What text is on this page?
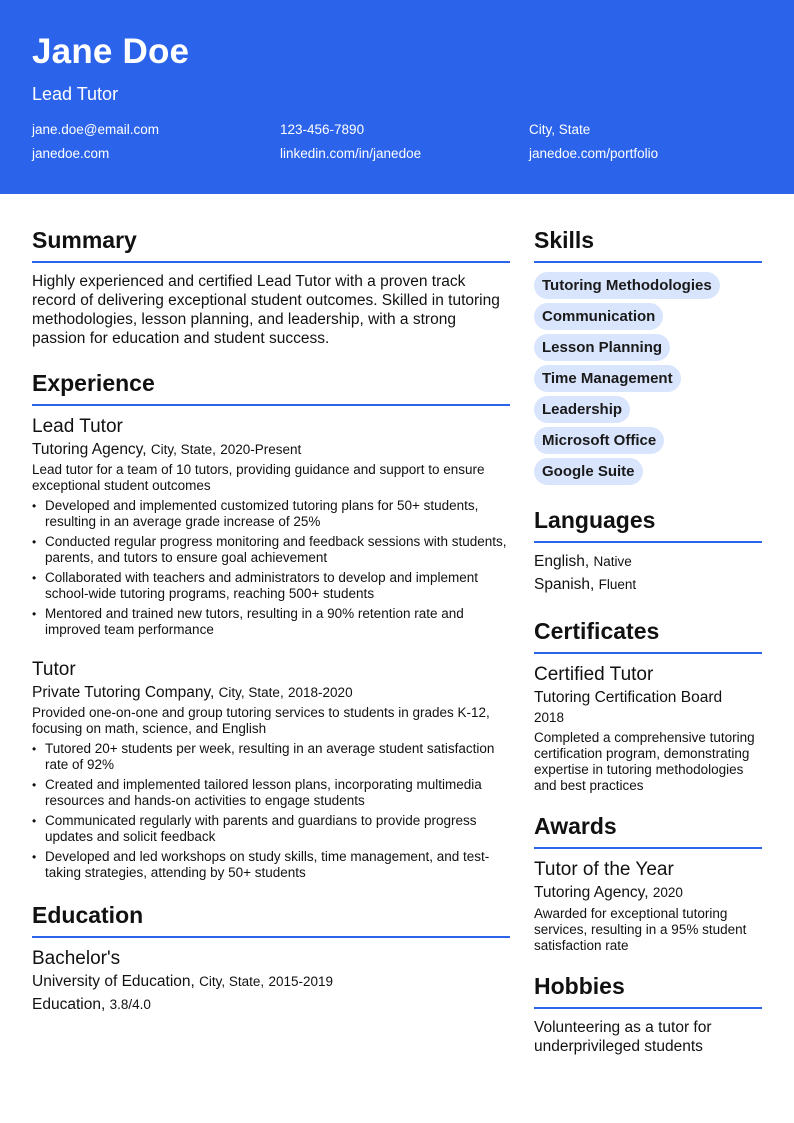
Jane Doe
Lead Tutor
jane.doe@email.com	123-456-7890	City, State
janedoe.com	linkedin.com/in/janedoe	janedoe.com/portfolio
Summary
Highly experienced and certified Lead Tutor with a proven track record of delivering exceptional student outcomes. Skilled in tutoring methodologies, lesson planning, and leadership, with a strong passion for education and student success.
Experience
Lead Tutor
Tutoring Agency, City, State, 2020-Present
Lead tutor for a team of 10 tutors, providing guidance and support to ensure exceptional student outcomes
• Developed and implemented customized tutoring plans for 50+ students, resulting in an average grade increase of 25%
• Conducted regular progress monitoring and feedback sessions with students, parents, and tutors to ensure goal achievement
• Collaborated with teachers and administrators to develop and implement school-wide tutoring programs, reaching 500+ students
• Mentored and trained new tutors, resulting in a 90% retention rate and improved team performance
Tutor
Private Tutoring Company, City, State, 2018-2020
Provided one-on-one and group tutoring services to students in grades K-12, focusing on math, science, and English
• Tutored 20+ students per week, resulting in an average student satisfaction rate of 92%
• Created and implemented tailored lesson plans, incorporating multimedia resources and hands-on activities to engage students
• Communicated regularly with parents and guardians to provide progress updates and solicit feedback
• Developed and led workshops on study skills, time management, and test-taking strategies, attending by 50+ students
Education
Bachelor's
University of Education, City, State, 2015-2019
Education, 3.8/4.0
Skills
Tutoring Methodologies
Communication
Lesson Planning
Time Management
Leadership
Microsoft Office
Google Suite
Languages
English, Native
Spanish, Fluent
Certificates
Certified Tutor
Tutoring Certification Board
2018
Completed a comprehensive tutoring certification program, demonstrating expertise in tutoring methodologies and best practices
Awards
Tutor of the Year
Tutoring Agency, 2020
Awarded for exceptional tutoring services, resulting in a 95% student satisfaction rate
Hobbies
Volunteering as a tutor for underprivileged students
